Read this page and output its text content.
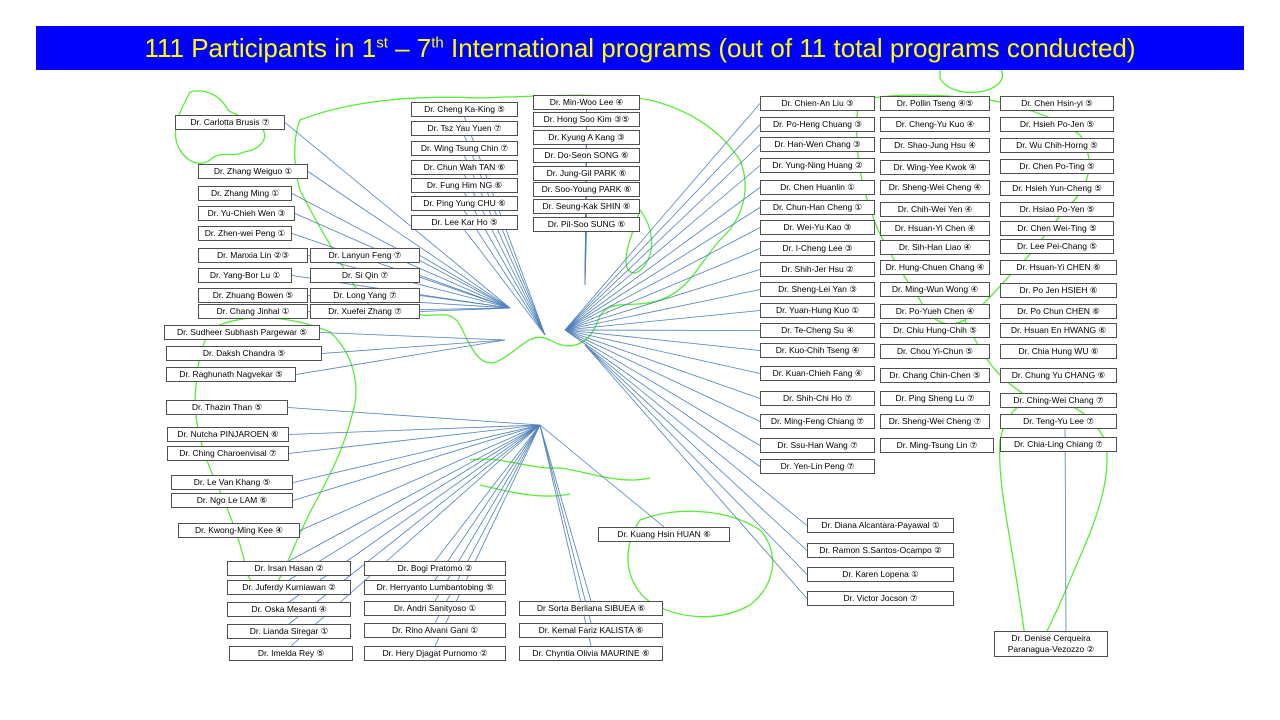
111 Participants in 1st – 7th International programs (out of 11 total programs conducted)
Dr. Carlotta Brusis ⑦
Dr. Zhang Weiguo ①
Dr. Zhang Ming ①
Dr. Yu-Chieh Wen ③
Dr. Zhen-wei Peng ①
Dr. Manxia Lin ②③
Dr. Yang-Bor Lu ①
Dr. Zhuang Bowen ⑤
Dr. Chang Jinhai ①
Dr. Lanyun Feng ⑦
Dr. Si Qin ⑦
Dr. Long Yang ⑦
Dr. Xuefei Zhang ⑦
Dr. Sudheer Subhash Pargewar ⑤
Dr. Daksh Chandra ⑤
Dr. Raghunath Nagvekar ⑤
Dr. Thazin Than ⑤
Dr. Nutcha PINJAROEN ⑥
Dr. Ching Charoenvisal ⑦
Dr. Le Van Khang ⑤
Dr. Ngo Le LAM ⑥
Dr. Kwong-Ming Kee ④
Dr. Cheng Ka-King ⑤
Dr. Tsz Yau Yuen ⑦
Dr. Wing Tsung Chin ⑦
Dr. Chun Wah TAN ⑥
Dr. Fung Him NG ⑥
Dr. Ping Yung CHU ⑥
Dr. Lee Kar Ho ⑤
Dr. Min-Woo Lee ④
Dr. Hong Soo Kim ③⑤
Dr. Kyung A Kang ③
Dr. Do-Seon SONG ⑥
Dr. Jung-Gil PARK ⑥
Dr. Soo-Young PARK ⑥
Dr. Seung-Kak SHIN ⑥
Dr. Pil-Soo SUNG ⑥
Dr. Chien-An Liu ③
Dr. Po-Heng Chuang ③
Dr. Han-Wen Chang ③
Dr. Yung-Ning Huang ②
Dr. Chen Huanlin ①
Dr. Chun-Han Cheng ①
Dr. Wei-Yu Kao ③
Dr. I-Cheng Lee ③
Dr. Shih-Jer Hsu ②
Dr. Sheng-Lei Yan ③
Dr. Yuan-Hung Kuo ①
Dr. Te-Cheng Su ④
Dr. Kuo-Chih Tseng ④
Dr. Kuan-Chieh Fang ④
Dr. Shih-Chi Ho ⑦
Dr. Ming-Feng Chiang ⑦
Dr. Ssu-Han Wang ⑦
Dr. Yen-Lin Peng ⑦
Dr. Pollin Tseng ④⑤
Dr. Cheng-Yu Kuo ④
Dr. Shao-Jung Hsu ④
Dr. Wing-Yee Kwok ④
Dr. Sheng-Wei Cheng ④
Dr. Chih-Wei Yen ④
Dr. Hsuan-Yi Chen ④
Dr. Sih-Han Liao ④
Dr. Hung-Chuen Chang ④
Dr. Ming-Wun Wong ④
Dr. Po-Yueh Chen ④
Dr. Chiu Hung-Chih ⑤
Dr. Chou Yi-Chun ⑤
Dr. Chang Chin-Chen ⑤
Dr. Ping Sheng Lu ⑦
Dr. Sheng-Wei Cheng ⑦
Dr. Ming-Tsung Lin ⑦
Dr. Chen Hsin-yi ⑤
Dr. Hsieh Po-Jen ⑤
Dr. Wu Chih-Horng ⑤
Dr. Chen Po-Ting ⑤
Dr. Hsieh Yun-Cheng ⑤
Dr. Hsiao Po-Yen ⑤
Dr. Chen Wei-Ting ⑤
Dr. Lee Pei-Chang ⑤
Dr. Hsuan-Yi CHEN ⑥
Dr. Po Jen HSIEH ⑥
Dr. Po Chun CHEN ⑥
Dr. Hsuan En HWANG ⑥
Dr. Chia Hung WU ⑥
Dr. Chung Yu CHANG ⑥
Dr. Ching-Wei Chang ⑦
Dr. Teng-Yu Lee ⑦
Dr. Chia-Ling Chiang ⑦
Dr. Kuang Hsin HUAN ⑥
Dr. Diana Alcantara-Payawal ①
Dr. Ramon S.Santos-Ocampo ②
Dr. Karen Lopena ①
Dr. Victor Jocson ⑦
Dr. Irsan Hasan ②
Dr. Juferdy Kurniawan ②
Dr. Oska Mesanti ④
Dr. Lianda Siregar ①
Dr. Imelda Rey ⑤
Dr. Bogi Pratomo ②
Dr. Herryanto Lumbantobing ⑤
Dr. Andri Sanityoso ①
Dr. Rino Alvani Gani ①
Dr. Hery Djagat Purnomo ②
Dr Sorta Berliana SIBUEA ⑥
Dr. Kemal Fariz KALISTA ⑥
Dr. Chyntia Olivia MAURINE ⑥
Dr. Denise Cerqueira Paranagua-Vezozzo ②
